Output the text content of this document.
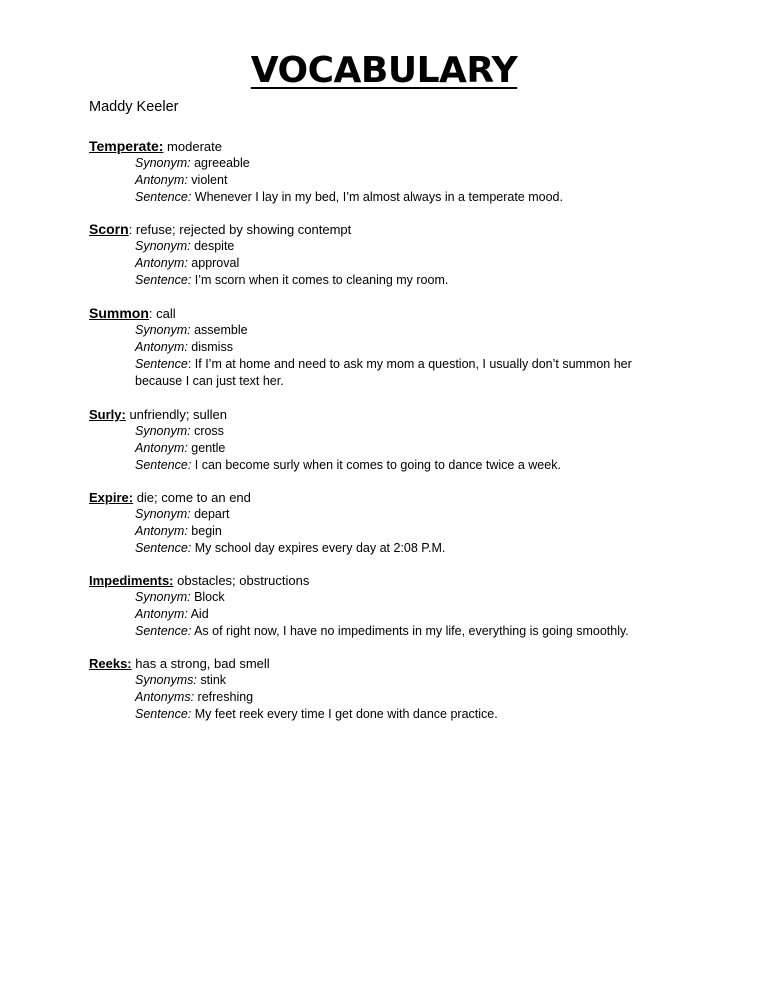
VOCABULARY
Maddy Keeler
Temperate: moderate
Synonym: agreeable
Antonym: violent
Sentence: Whenever I lay in my bed, I’m almost always in a temperate mood.
Scorn: refuse; rejected by showing contempt
Synonym: despite
Antonym: approval
Sentence: I’m scorn when it comes to cleaning my room.
Summon: call
Synonym: assemble
Antonym: dismiss
Sentence: If I’m at home and need to ask my mom a question, I usually don’t summon her because I can just text her.
Surly: unfriendly; sullen
Synonym: cross
Antonym: gentle
Sentence: I can become surly when it comes to going to dance twice a week.
Expire: die; come to an end
Synonym: depart
Antonym: begin
Sentence: My school day expires every day at 2:08 P.M.
Impediments: obstacles; obstructions
Synonym: Block
Antonym: Aid
Sentence: As of right now, I have no impediments in my life, everything is going smoothly.
Reeks: has a strong, bad smell
Synonyms: stink
Antonyms: refreshing
Sentence: My feet reek every time I get done with dance practice.
